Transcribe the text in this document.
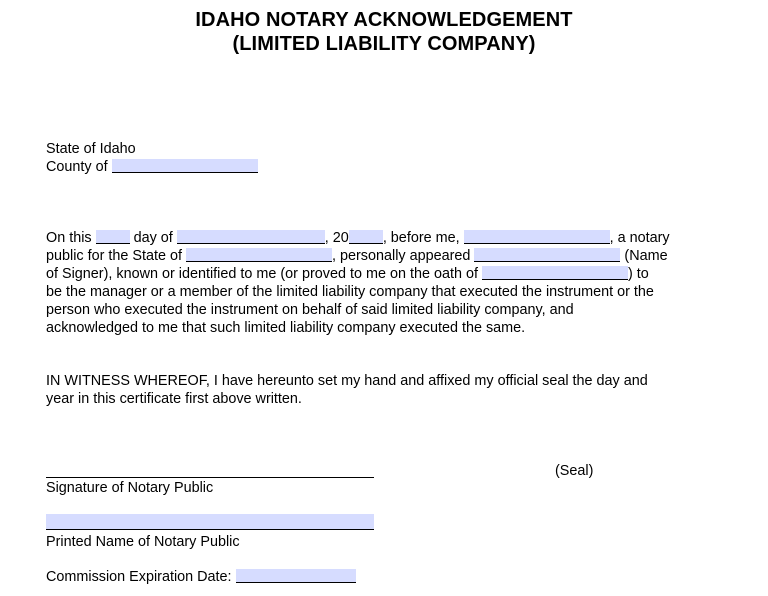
IDAHO NOTARY ACKNOWLEDGEMENT
(LIMITED LIABILITY COMPANY)
State of Idaho
County of
On this	day of	, 20 , before me,	, a notary
public for the State of	, personally appeared	(Name
of Signer), known or identified to me (or proved to me on the oath of	) to
be the manager or a member of the limited liability company that executed the instrument or the
person who executed the instrument on behalf of said limited liability company, and
acknowledged to me that such limited liability company executed the same.
IN WITNESS WHEREOF, I have hereunto set my hand and affixed my official seal the day and
year in this certificate first above written.
(Seal)
Signature of Notary Public
Printed Name of Notary Public
Commission Expiration Date:
